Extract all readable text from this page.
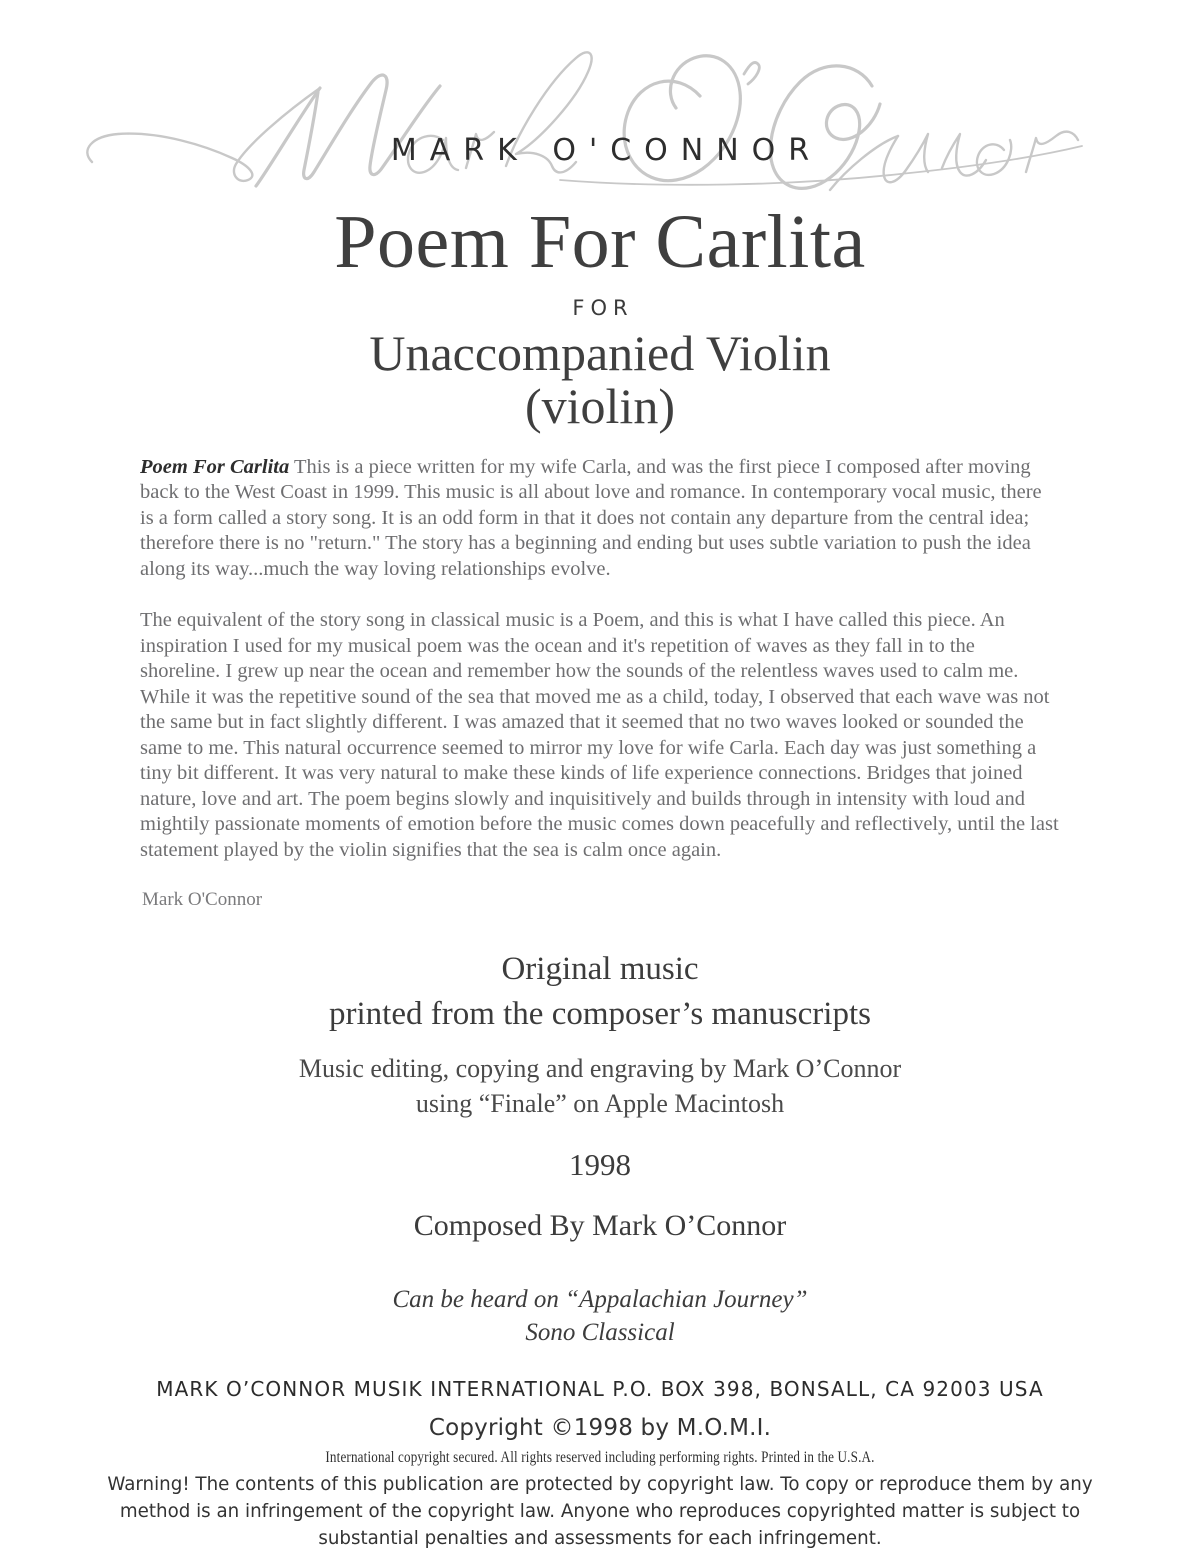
MARK O'CONNOR
Poem For Carlita
FOR
Unaccompanied Violin
(violin)

Poem For Carlita This is a piece written for my wife Carla, and was the first piece I composed after moving back to the West Coast in 1999. This music is all about love and romance. In contemporary vocal music, there is a form called a story song. It is an odd form in that it does not contain any departure from the central idea; therefore there is no "return." The story has a beginning and ending but uses subtle variation to push the idea along its way...much the way loving relationships evolve.

The equivalent of the story song in classical music is a Poem, and this is what I have called this piece. An inspiration I used for my musical poem was the ocean and it's repetition of waves as they fall in to the shoreline. I grew up near the ocean and remember how the sounds of the relentless waves used to calm me. While it was the repetitive sound of the sea that moved me as a child, today, I observed that each wave was not the same but in fact slightly different. I was amazed that it seemed that no two waves looked or sounded the same to me. This natural occurrence seemed to mirror my love for wife Carla. Each day was just something a tiny bit different. It was very natural to make these kinds of life experience connections. Bridges that joined nature, love and art. The poem begins slowly and inquisitively and builds through in intensity with loud and mightily passionate moments of emotion before the music comes down peacefully and reflectively, until the last statement played by the violin signifies that the sea is calm once again.

Mark O'Connor

Original music
printed from the composer’s manuscripts
Music editing, copying and engraving by Mark O’Connor
using “Finale” on Apple Macintosh
1998
Composed By Mark O’Connor
Can be heard on “Appalachian Journey”
Sono Classical
MARK O’CONNOR MUSIK INTERNATIONAL P.O. BOX 398, BONSALL, CA 92003 USA
Copyright ©1998 by M.O.M.I.
International copyright secured. All rights reserved including performing rights. Printed in the U.S.A.
Warning! The contents of this publication are protected by copyright law. To copy or reproduce them by any method is an infringement of the copyright law. Anyone who reproduces copyrighted matter is subject to substantial penalties and assessments for each infringement.
